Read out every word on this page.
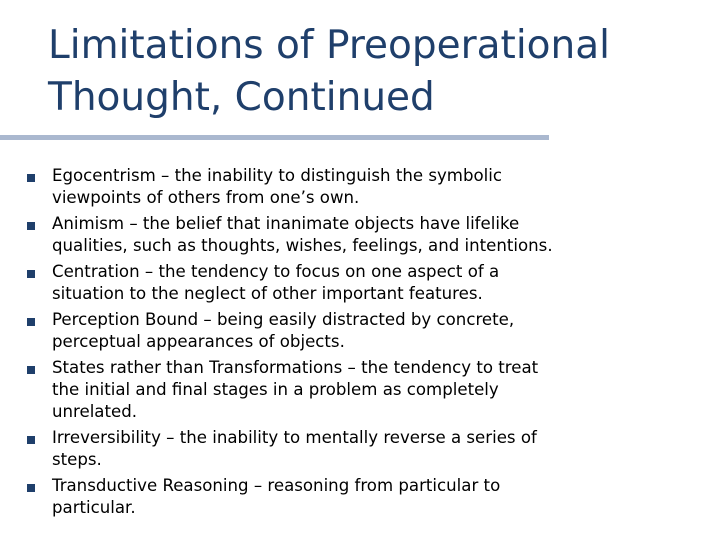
Limitations of Preoperational
Thought, Continued
Egocentrism – the inability to distinguish the symbolic
viewpoints of others from one’s own.
Animism – the belief that inanimate objects have lifelike
qualities, such as thoughts, wishes, feelings, and intentions.
Centration – the tendency to focus on one aspect of a
situation to the neglect of other important features.
Perception Bound – being easily distracted by concrete,
perceptual appearances of objects.
States rather than Transformations – the tendency to treat
the initial and final stages in a problem as completely
unrelated.
Irreversibility – the inability to mentally reverse a series of
steps.
Transductive Reasoning – reasoning from particular to
particular.
